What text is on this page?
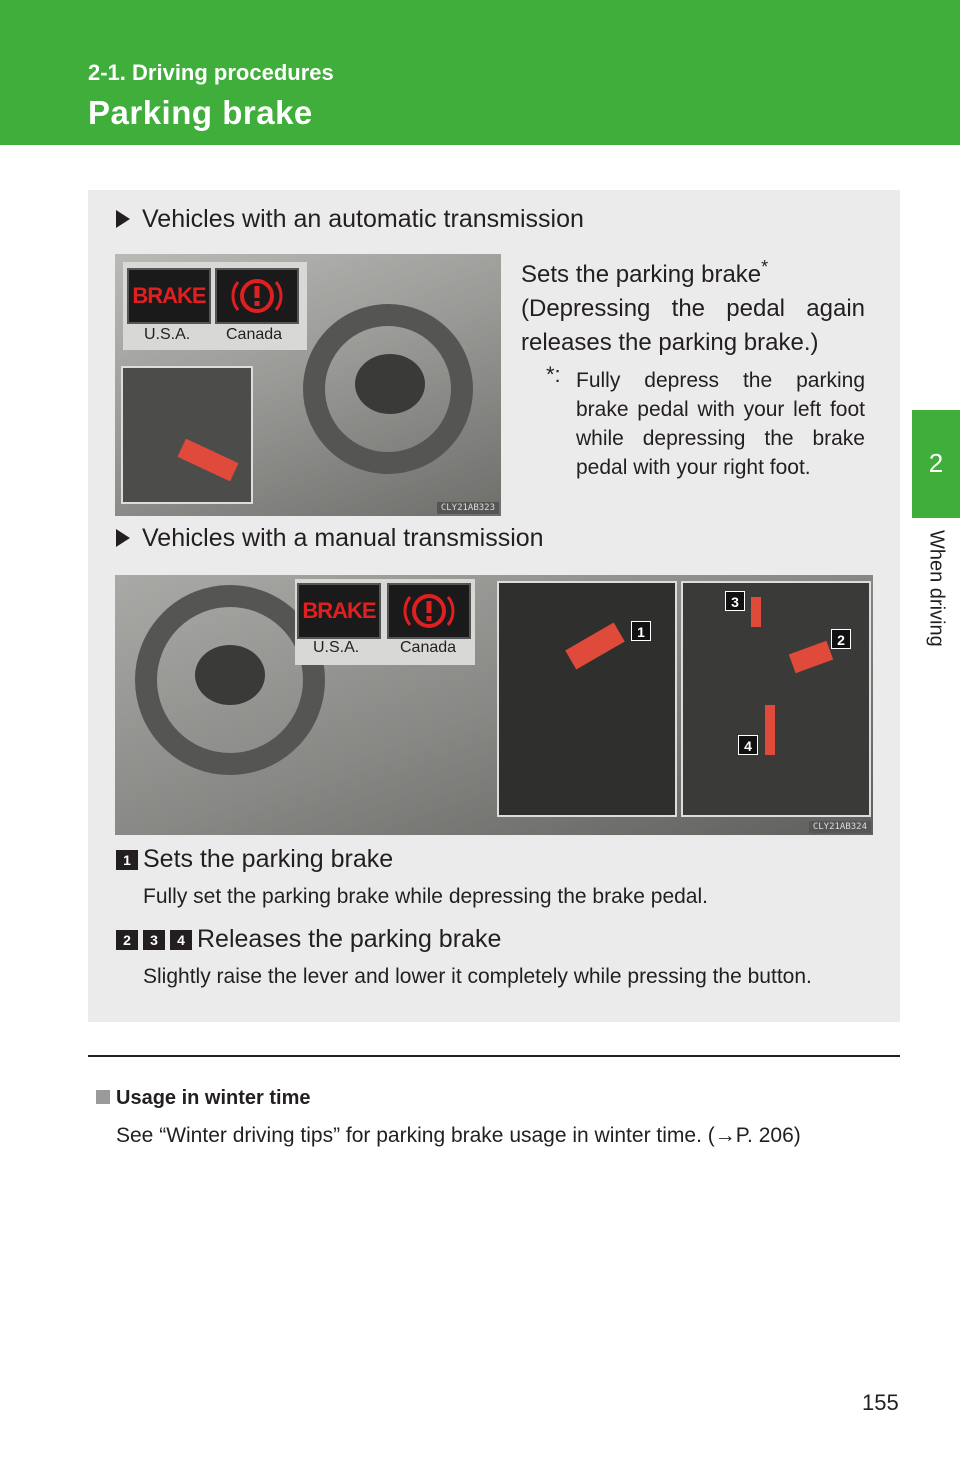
2-1. Driving procedures
Parking brake
2
When driving
Vehicles with an automatic transmission
BRAKE
U.S.A. Canada
CLY21AB323
Sets the parking brake*
(Depressing the pedal again releases the parking brake.)
*: Fully depress the parking brake pedal with your left foot while depressing the brake pedal with your right foot.
Vehicles with a manual transmission
BRAKE
U.S.A.	Canada
1	2
3
4
CLY21AB324
1 Sets the parking brake
Fully set the parking brake while depressing the brake pedal.
2 3 4 Releases the parking brake
Slightly raise the lever and lower it completely while pressing the button.
Usage in winter time
See “Winter driving tips” for parking brake usage in winter time. (→P. 206)
155
